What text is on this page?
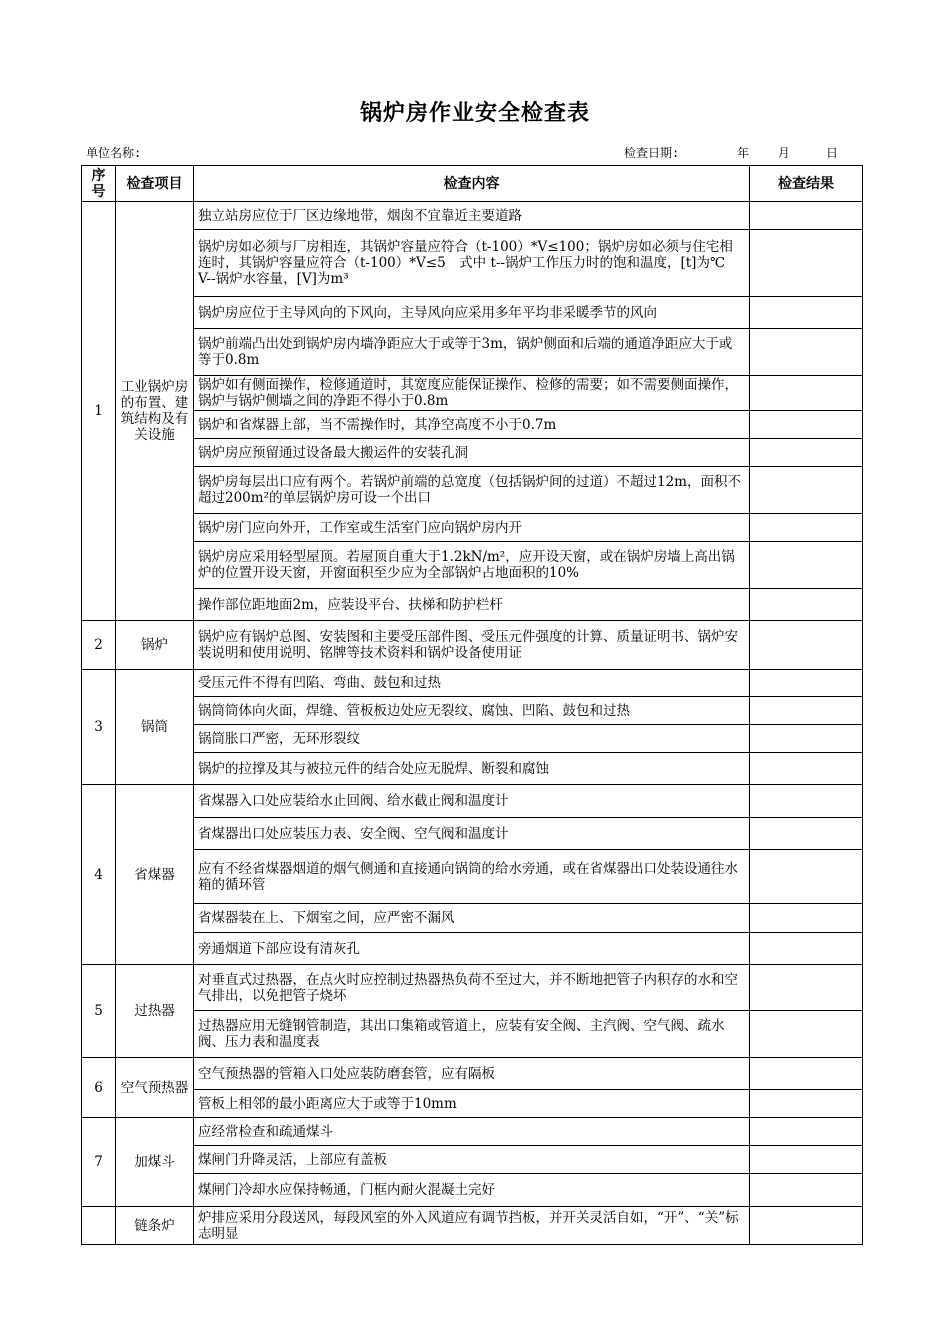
锅炉房作业安全检查表
单位名称:	检查日期:        年    月     日
序号	检查项目	检查内容	检查结果
1	工业锅炉房的布置、建筑结构及有关设施	独立站房应位于厂区边缘地带，烟囱不宜靠近主要道路	
		锅炉房如必须与厂房相连，其锅炉容量应符合（t-100）*V≤100；锅炉房如必须与住宅相连时，其锅炉容量应符合（t-100）*V≤5　式中 t--锅炉工作压力时的饱和温度，[t]为℃　V--锅炉水容量，[V]为m³	
		锅炉房应位于主导风向的下风向，主导风向应采用多年平均非采暖季节的风向	
		锅炉前端凸出处到锅炉房内墙净距应大于或等于3m，锅炉侧面和后端的通道净距应大于或等于0.8m	
		锅炉如有侧面操作，检修通道时，其宽度应能保证操作、检修的需要；如不需要侧面操作，锅炉与锅炉侧墙之间的净距不得小于0.8m	
		锅炉和省煤器上部，当不需操作时，其净空高度不小于0.7m	
		锅炉房应预留通过设备最大搬运件的安装孔洞	
		锅炉房每层出口应有两个。若锅炉前端的总宽度（包括锅炉间的过道）不超过12m，面积不超过200m²的单层锅炉房可设一个出口	
		锅炉房门应向外开，工作室或生活室门应向锅炉房内开	
		锅炉房应采用轻型屋顶。若屋顶自重大于1.2kN/m²，应开设天窗，或在锅炉房墙上高出锅炉的位置开设天窗，开窗面积至少应为全部锅炉占地面积的10%	
		操作部位距地面2m，应装设平台、扶梯和防护栏杆	
2	锅炉	锅炉应有锅炉总图、安装图和主要受压部件图、受压元件强度的计算、质量证明书、锅炉安装说明和使用说明、铭牌等技术资料和锅炉设备使用证	
3	锅筒	受压元件不得有凹陷、弯曲、鼓包和过热	
		锅筒筒体向火面，焊缝、管板板边处应无裂纹、腐蚀、凹陷、鼓包和过热	
		锅筒胀口严密，无环形裂纹	
		锅炉的拉撑及其与被拉元件的结合处应无脱焊、断裂和腐蚀	
4	省煤器	省煤器入口处应装给水止回阀、给水截止阀和温度计	
		省煤器出口处应装压力表、安全阀、空气阀和温度计	
		应有不经省煤器烟道的烟气侧通和直接通向锅筒的给水旁通，或在省煤器出口处装设通往水箱的循环管	
		省煤器装在上、下烟室之间，应严密不漏风	
		旁通烟道下部应设有清灰孔	
5	过热器	对垂直式过热器，在点火时应控制过热器热负荷不至过大，并不断地把管子内积存的水和空气排出，以免把管子烧坏	
		过热器应用无缝钢管制造，其出口集箱或管道上，应装有安全阀、主汽阀、空气阀、疏水阀、压力表和温度表	
6	空气预热器	空气预热器的管箱入口处应装防磨套管，应有隔板	
		管板上相邻的最小距离应大于或等于10mm	
7	加煤斗	应经常检查和疏通煤斗	
		煤闸门升降灵活，上部应有盖板	
		煤闸门冷却水应保持畅通，门框内耐火混凝土完好	
	链条炉	炉排应采用分段送风，每段风室的外入风道应有调节挡板，并开关灵活自如，“开”、“关”标志明显	
